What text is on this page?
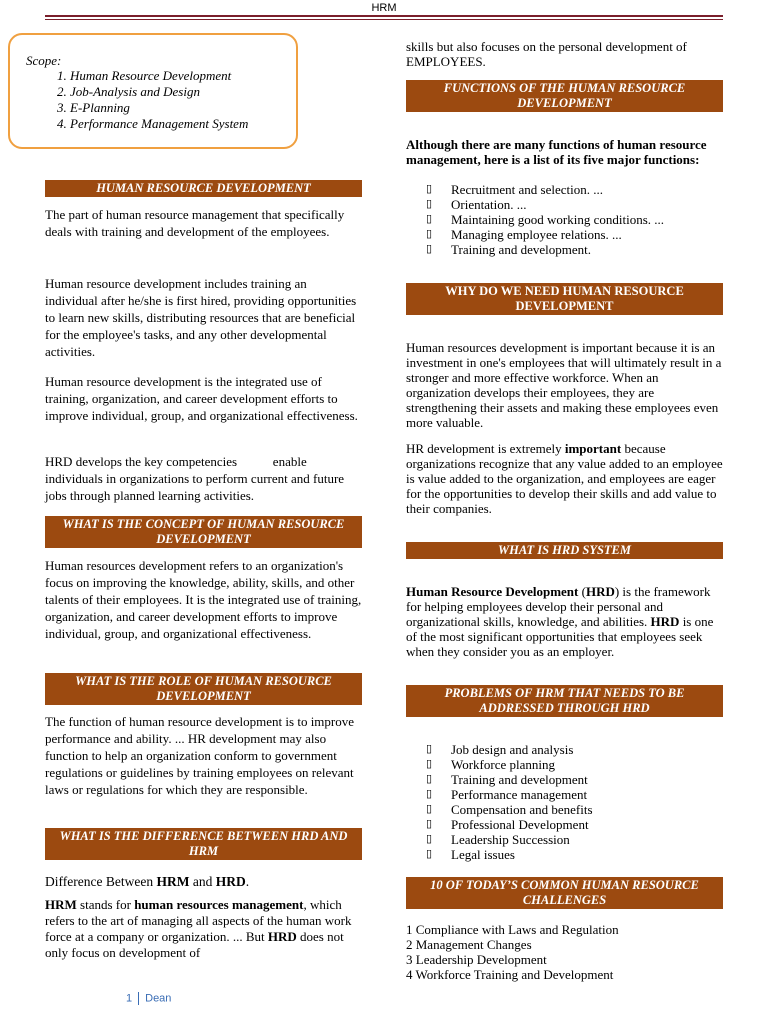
HRM
Scope:
1. Human Resource Development
2. Job-Analysis and Design
3. E-Planning
4. Performance Management System
HUMAN RESOURCE DEVELOPMENT

The part of human resource management that specifically deals with training and development of the employees.

Human resource development includes training an individual after he/she is first hired, providing opportunities to learn new skills, distributing resources that are beneficial for the employee's tasks, and any other developmental activities.

Human resource development is the integrated use of training, organization, and career development efforts to improve individual, group, and organizational effectiveness.

HRD develops the key competencies           enable individuals in organizations to perform current and future jobs through planned learning activities.

WHAT IS THE CONCEPT OF HUMAN RESOURCE DEVELOPMENT

Human resources development refers to an organization's focus on improving the knowledge, ability, skills, and other talents of their employees. It is the integrated use of training, organization, and career development efforts to improve individual, group, and organizational effectiveness.

WHAT IS THE ROLE OF HUMAN RESOURCE DEVELOPMENT

The function of human resource development is to improve performance and ability. ... HR development may also function to help an organization conform to government regulations or guidelines by training employees on relevant laws or regulations for which they are responsible.

WHAT IS THE DIFFERENCE BETWEEN HRD AND HRM

Difference Between HRM and HRD.

HRM stands for human resources management, which refers to the art of managing all aspects of the human work force at a company or organization. ... But HRD does not only focus on development of

skills but also focuses on the personal development of EMPLOYEES.

FUNCTIONS OF THE HUMAN RESOURCE DEVELOPMENT

Although there are many functions of human resource management, here is a list of its five major functions:

▯ Recruitment and selection. ...
▯ Orientation. ...
▯ Maintaining good working conditions. ...
▯ Managing employee relations. ...
▯ Training and development.
WHY DO WE NEED HUMAN RESOURCE DEVELOPMENT

Human resources development is important because it is an investment in one's employees that will ultimately result in a stronger and more effective workforce. When an organization develops their employees, they are strengthening their assets and making these employees even more valuable.

HR development is extremely important because organizations recognize that any value added to an employee is value added to the organization, and employees are eager for the opportunities to develop their skills and add value to their companies.

WHAT IS HRD SYSTEM

Human Resource Development (HRD) is the framework for helping employees develop their personal and organizational skills, knowledge, and abilities. HRD is one of the most significant opportunities that employees seek when they consider you as an employer.

PROBLEMS OF HRM THAT NEEDS TO BE ADDRESSED THROUGH HRD
▯ Job design and analysis
▯ Workforce planning
▯ Training and development
▯ Performance management
▯ Compensation and benefits
▯ Professional Development
▯ Leadership Succession
▯ Legal issues
10 OF TODAY’S COMMON HUMAN RESOURCE CHALLENGES
1 Compliance with Laws and Regulation
2 Management Changes
3 Leadership Development
4 Workforce Training and Development
1 Dean
